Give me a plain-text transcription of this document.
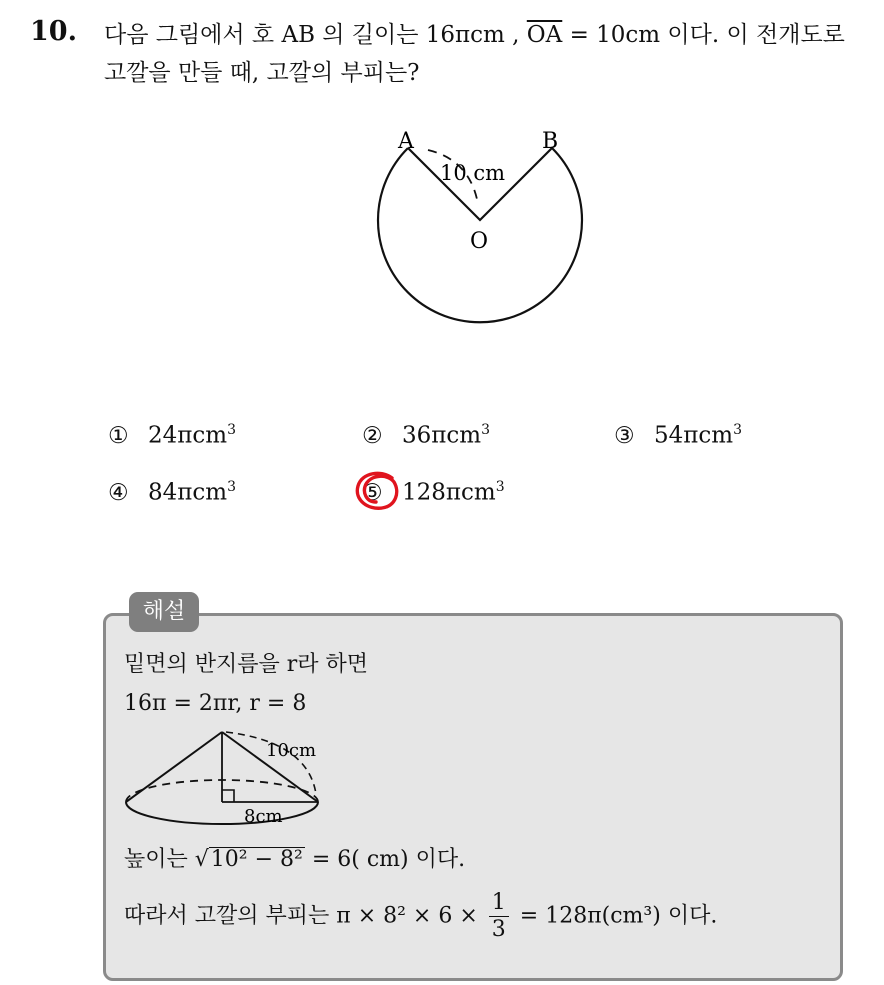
10. 다음 그림에서 호 AB 의 길이는 16πcm , $\overline{OA} = 10cm$ 이다. 이 전개도로 고깔을 만들 때, 고깔의 부피는?
A	B
O
10 cm
① 24πcm$^3$	② 36πcm$^3$	③ 54πcm$^3$
④ 84πcm$^3$	⑤ 128πcm$^3$
해설
밑면의 반지름을 r라 하면
16π = 2πr, r = 8
10cm
8cm
높이는 √10² − 8² = 6( cm) 이다.
따라서 고깔의 부피는 $\pi \times 8^2 \times 6 \times \frac{1}{3} = 128\pi(cm^3)$ 이다.
